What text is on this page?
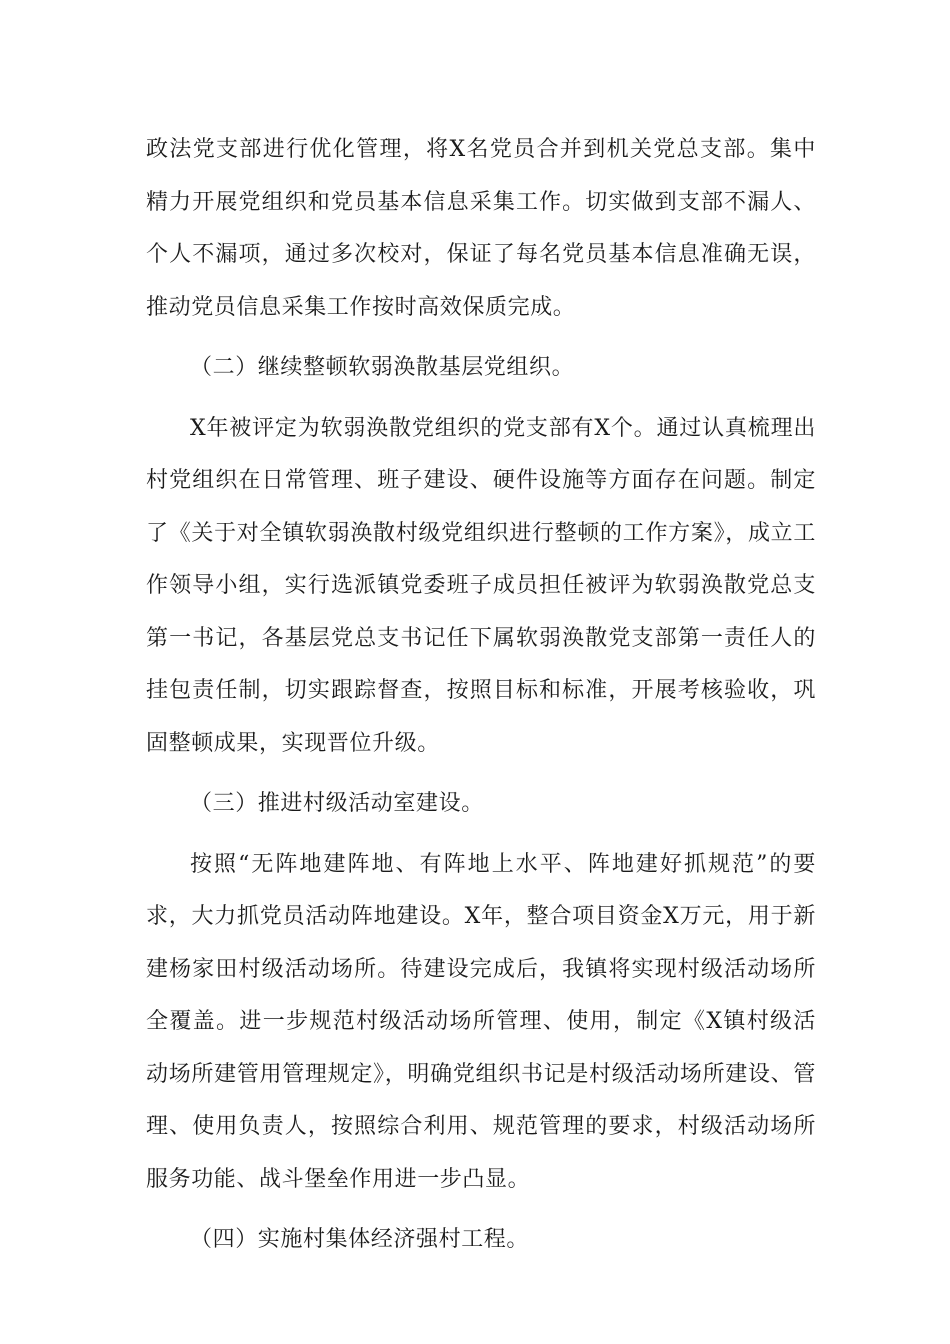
政法党支部进行优化管理，将X名党员合并到机关党总支部。集中精力开展党组织和党员基本信息采集工作。切实做到支部不漏人、个人不漏项，通过多次校对，保证了每名党员基本信息准确无误，推动党员信息采集工作按时高效保质完成。

（二）继续整顿软弱涣散基层党组织。

X年被评定为软弱涣散党组织的党支部有X个。通过认真梳理出村党组织在日常管理、班子建设、硬件设施等方面存在问题。制定了《关于对全镇软弱涣散村级党组织进行整顿的工作方案》，成立工作领导小组，实行选派镇党委班子成员担任被评为软弱涣散党总支第一书记，各基层党总支书记任下属软弱涣散党支部第一责任人的挂包责任制，切实跟踪督查，按照目标和标准，开展考核验收，巩固整顿成果，实现晋位升级。

（三）推进村级活动室建设。

按照“无阵地建阵地、有阵地上水平、阵地建好抓规范”的要求，大力抓党员活动阵地建设。X年，整合项目资金X万元，用于新建杨家田村级活动场所。待建设完成后，我镇将实现村级活动场所全覆盖。进一步规范村级活动场所管理、使用，制定《X镇村级活动场所建管用管理规定》，明确党组织书记是村级活动场所建设、管理、使用负责人，按照综合利用、规范管理的要求，村级活动场所服务功能、战斗堡垒作用进一步凸显。

（四）实施村集体经济强村工程。
